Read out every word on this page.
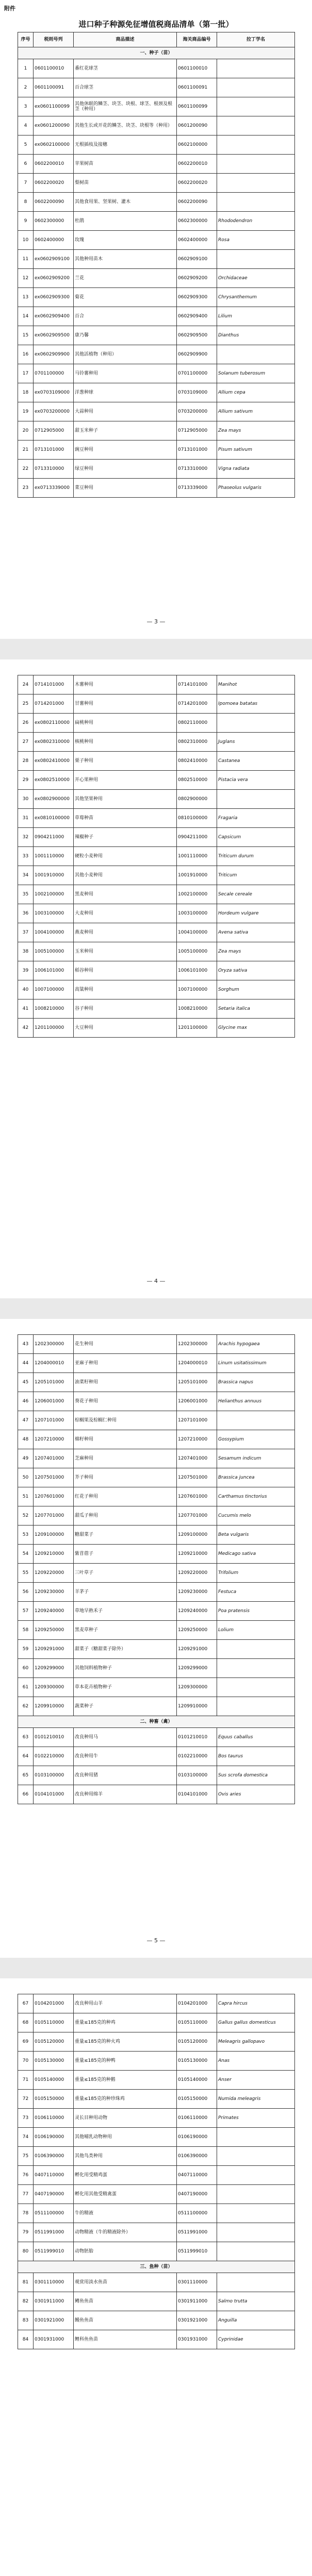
附件
进口种子种源免征增值税商品清单（第一批）
序号	税则号列	商品描述	海关商品编号	拉丁学名
一、种子（苗）				
1	0601100010	番红花球茎	0601100010	
2	0601100091	百合球茎	0601100091	
3	ex0601100099	其他休眠的鳞茎、块茎、块根、球茎、根颈及根茎（种用）	0601100099	
4	ex0601200090	其他生长或开花的鳞茎、块茎、块根等（种用）	0601200090	
5	ex0602100000	无根插枝及接穗	0602100000	
6	0602200010	苹果树苗	0602200010	
7	0602200020	梨树苗	0602200020	
8	0602200090	其他食用果、坚果树、灌木	0602200090	
9	0602300000	杜鹃	0602300000	Rhododendron
10	0602400000	玫瑰	0602400000	Rosa
11	ex0602909100	其他种用苗木	0602909100	
12	ex0602909200	兰花	0602909200	Orchidaceae
13	ex0602909300	菊花	0602909300	Chrysanthemum
14	ex0602909400	百合	0602909400	Lilium
15	ex0602909500	康乃馨	0602909500	Dianthus
16	ex0602909900	其他活植物（种用）	0602909900	
17	0701100000	马铃薯种用	0701100000	Solanum tuberosum
18	ex0703109000	洋葱种球	0703109000	Allium cepa
19	ex0703200000	大蒜种用	0703200000	Allium sativum
20	0712905000	甜玉米种子	0712905000	Zea mays
21	0713101000	豌豆种用	0713101000	Pisum sativum
22	0713310000	绿豆种用	0713310000	Vigna radiata
23	ex0713339000	菜豆种用	0713339000	Phaseolus vulgaris
— 3 —
24	0714101000	木薯种用	0714101000	Manihot
25	0714201000	甘薯种用	0714201000	Ipomoea batatas
26	ex0802110000	扁桃种用	0802110000	
27	ex0802310000	核桃种用	0802310000	Juglans
28	ex0802410000	栗子种用	0802410000	Castanea
29	ex0802510000	开心果种用	0802510000	Pistacia vera
30	ex0802900000	其他坚果种用	0802900000	
31	ex0810100000	草莓种苗	0810100000	Fragaria
32	0904211000	辣椒种子	0904211000	Capsicum
33	1001110000	硬粒小麦种用	1001110000	Triticum durum
34	1001910000	其他小麦种用	1001910000	Triticum
35	1002100000	黑麦种用	1002100000	Secale cereale
36	1003100000	大麦种用	1003100000	Hordeum vulgare
37	1004100000	燕麦种用	1004100000	Avena sativa
38	1005100000	玉米种用	1005100000	Zea mays
39	1006101000	稻谷种用	1006101000	Oryza sativa
40	1007100000	高粱种用	1007100000	Sorghum
41	1008210000	谷子种用	1008210000	Setaria italica
42	1201100000	大豆种用	1201100000	Glycine max
— 4 —
43	1202300000	花生种用	1202300000	Arachis hypogaea
44	1204000010	亚麻子种用	1204000010	Linum usitatissimum
45	1205101000	油菜籽种用	1205101000	Brassica napus
46	1206001000	葵花子种用	1206001000	Helianthus annuus
47	1207101000	棕榈果及棕榈仁种用	1207101000	
48	1207210000	棉籽种用	1207210000	Gossypium
49	1207401000	芝麻种用	1207401000	Sesamum indicum
50	1207501000	芥子种用	1207501000	Brassica juncea
51	1207601000	红花子种用	1207601000	Carthamus tinctorius
52	1207701000	甜瓜子种用	1207701000	Cucumis melo
53	1209100000	糖甜菜子	1209100000	Beta vulgaris
54	1209210000	紫苜蓿子	1209210000	Medicago sativa
55	1209220000	三叶草子	1209220000	Trifolium
56	1209230000	羊茅子	1209230000	Festuca
57	1209240000	草地早熟禾子	1209240000	Poa pratensis
58	1209250000	黑麦草种子	1209250000	Lolium
59	1209291000	甜菜子（糖甜菜子除外）	1209291000	
60	1209299000	其他饲料植物种子	1209299000	
61	1209300000	草本花卉植物种子	1209300000	
62	1209910000	蔬菜种子	1209910000	
二、种畜（禽）				
63	0101210010	改良种用马	0101210010	Equus caballus
64	0102210000	改良种用牛	0102210000	Bos taurus
65	0103100000	改良种用猪	0103100000	Sus scrofa domestica
66	0104101000	改良种用绵羊	0104101000	Ovis aries
— 5 —
67	0104201000	改良种用山羊	0104201000	Capra hircus
68	0105110000	重量≤185克的种鸡	0105110000	Gallus gallus domesticus
69	0105120000	重量≤185克的种火鸡	0105120000	Meleagris gallopavo
70	0105130000	重量≤185克的种鸭	0105130000	Anas
71	0105140000	重量≤185克的种鹅	0105140000	Anser
72	0105150000	重量≤185克的种珍珠鸡	0105150000	Numida meleagris
73	0106110000	灵长目种用动物	0106110000	Primates
74	0106190000	其他哺乳动物种用	0106190000	
75	0106390000	其他鸟类种用	0106390000	
76	0407110000	孵化用受精鸡蛋	0407110000	
77	0407190000	孵化用其他受精禽蛋	0407190000	
78	0511100000	牛的精液	0511100000	
79	0511991000	动物精液（牛的精液除外）	0511991000	
80	0511999010	动物胚胎	0511999010	
三、鱼种（苗）				
81	0301110000	观赏用淡水鱼苗	0301110000	
82	0301911000	鳟鱼鱼苗	0301911000	Salmo trutta
83	0301921000	鳗鱼鱼苗	0301921000	Anguilla
84	0301931000	鲤科鱼鱼苗	0301931000	Cyprinidae
